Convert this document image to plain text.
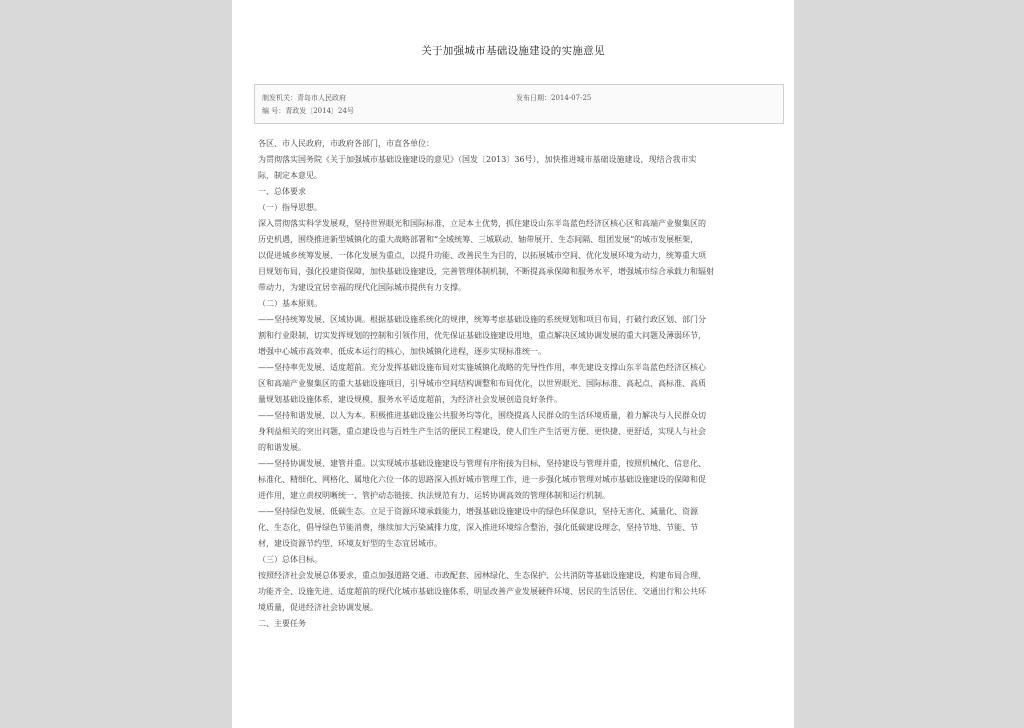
关于加强城市基础设施建设的实施意见
制发机关：青岛市人民政府	发布日期：2014-07-25
编 号：青政发〔2014〕24号

各区、市人民政府，市政府各部门，市直各单位：

为贯彻落实国务院《关于加强城市基础设施建设的意见》（国发〔2013〕36号），加快推进城市基础设施建设，现结合我市实

际，制定本意见。

一、总体要求

（一）指导思想。

深入贯彻落实科学发展观，坚持世界眼光和国际标准，立足本土优势，抓住建设山东半岛蓝色经济区核心区和高端产业聚集区的

历史机遇，围绕推进新型城镇化的重大战略部署和“全域统筹、三城联动、轴带展开、生态间隔、组团发展”的城市发展框架，

以促进城乡统筹发展、一体化发展为重点，以提升功能、改善民生为目的，以拓展城市空间、优化发展环境为动力，统筹重大项

目规划布局，强化投建资保障，加快基础设施建设，完善管理体制机制，不断提高承保障和服务水平，增强城市综合承载力和辐射

带动力，为建设宜居幸福的现代化国际城市提供有力支撑。

（二）基本原则。

——坚持统筹发展、区域协调。根据基础设施系统化的规律，统筹考虑基础设施的系统规划和项目布局，打破行政区划、部门分

割和行业限制，切实发挥规划的控制和引领作用，优先保证基础设施建设用地，重点解决区域协调发展的重大问题及薄弱环节，

增强中心城市高效率、低成本运行的核心，加快城镇化进程，逐步实现标准统一。

——坚持率先发展、适度超前。充分发挥基础设施布局对实施城镇化战略的先导性作用，率先建设支撑山东半岛蓝色经济区核心

区和高端产业聚集区的重大基础设施项目，引导城市空间结构调整和布局优化，以世界眼光、国际标准、高起点、高标准、高质

量规划基础设施体系，建设规模、服务水平适度超前，为经济社会发展创造良好条件。

——坚持和谐发展、以人为本。积极推进基础设施公共服务均等化，围绕提高人民群众的生活环境质量，着力解决与人民群众切

身利益相关的突出问题，重点建设也与百姓生产生活的便民工程建设，使人们生产生活更方便、更快捷、更舒适，实现人与社会

的和谐发展。

——坚持协调发展、建管并重。以实现城市基础设施建设与管理有序衔接为目标，坚持建设与管理并重，按照机械化、信息化、

标准化、精细化、网格化、属地化六位一体的思路深入抓好城市管理工作，进一步强化城市管理对城市基础设施建设的保障和促

进作用，建立责权明晰统一、管护动态链接、执法规范有力、运转协调高效的管理体制和运行机制。

——坚持绿色发展、低碳生态。立足于资源环境承载能力，增强基础设施建设中的绿色环保意识，坚持无害化、减量化、资源

化、生态化，倡导绿色节能消费，继续加大污染减排力度，深入推进环境综合整治，强化低碳建设理念，坚持节地、节能、节

材，建设资源节约型、环境友好型的生态宜居城市。

（三）总体目标。

按照经济社会发展总体要求，重点加强道路交通、市政配套、园林绿化、生态保护、公共消防等基础设施建设，构建布局合理、

功能齐全、设施先进、适度超前的现代化城市基础设施体系，明显改善产业发展硬件环境、居民的生活居住、交通出行和公共环

境质量，促进经济社会协调发展。

二、主要任务
